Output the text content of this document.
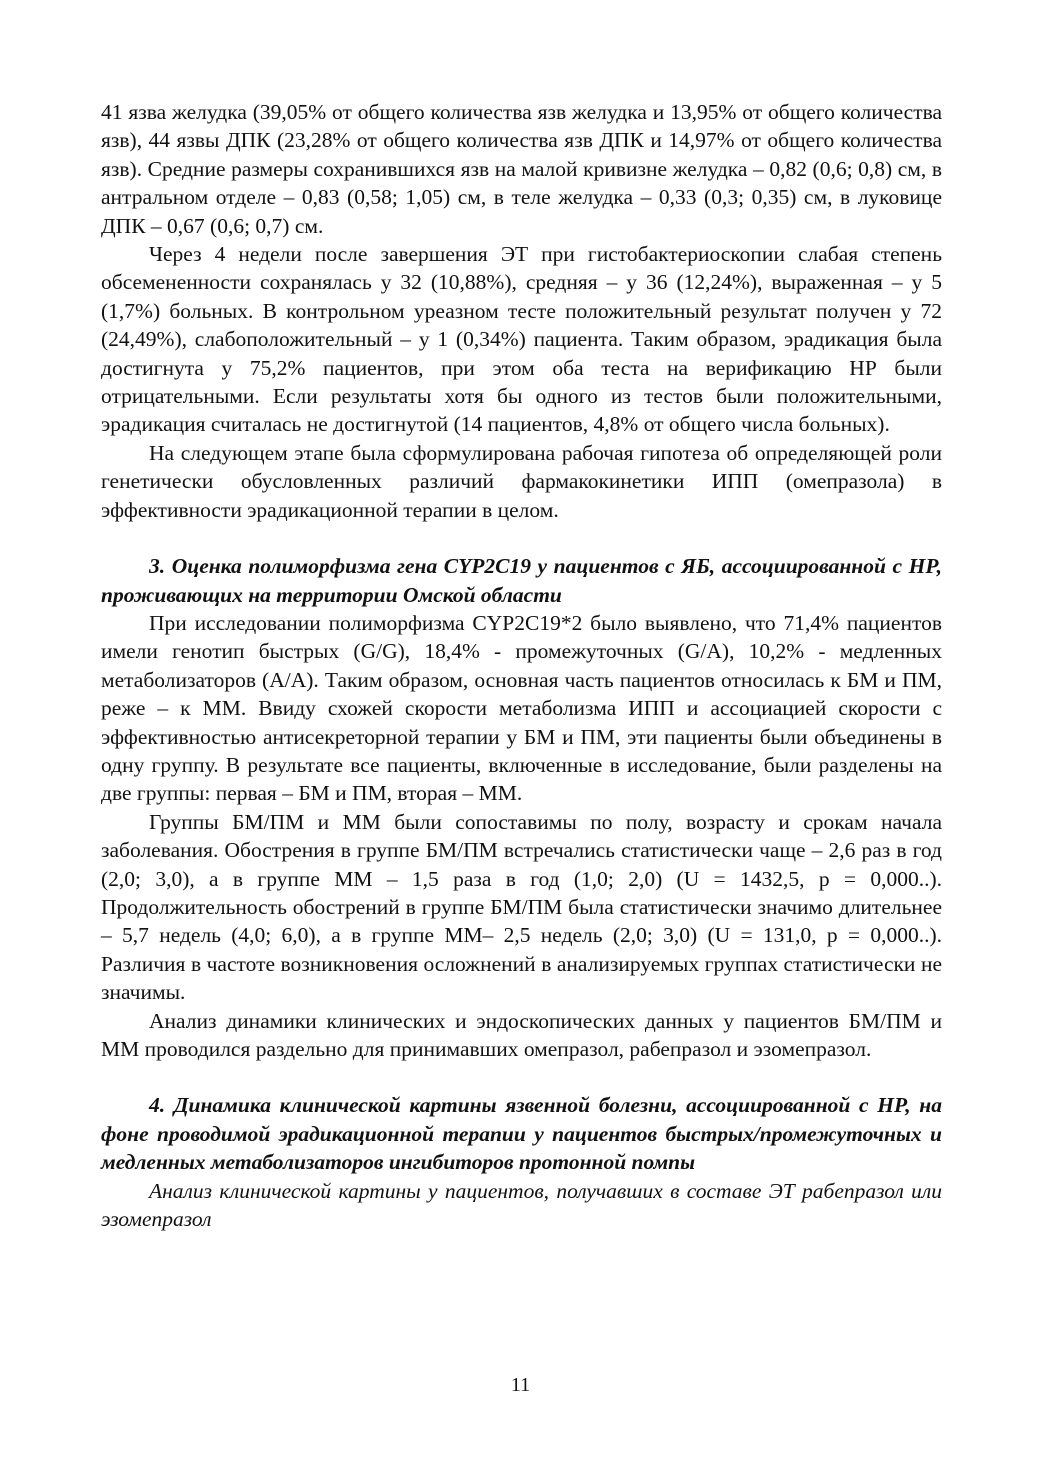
41 язва желудка (39,05% от общего количества язв желудка и 13,95% от общего количества язв), 44 язвы ДПК (23,28% от общего количества язв ДПК и 14,97% от общего количества язв). Средние размеры сохранившихся язв на малой кривизне желудка – 0,82 (0,6; 0,8) см, в антральном отделе – 0,83 (0,58; 1,05) см, в теле желудка – 0,33 (0,3; 0,35) см, в луковице ДПК – 0,67 (0,6; 0,7) см.

Через 4 недели после завершения ЭТ при гистобактериоскопии слабая степень обсемененности сохранялась у 32 (10,88%), средняя – у 36 (12,24%), выраженная – у 5 (1,7%) больных. В контрольном уреазном тесте положительный результат получен у 72 (24,49%), слабоположительный – у 1 (0,34%) пациента. Таким образом, эрадикация была достигнута у 75,2% пациентов, при этом оба теста на верификацию НР были отрицательными. Если результаты хотя бы одного из тестов были положительными, эрадикация считалась не достигнутой (14 пациентов, 4,8% от общего числа больных).

На следующем этапе была сформулирована рабочая гипотеза об определяющей роли генетически обусловленных различий фармакокинетики ИПП (омепразола) в эффективности эрадикационной терапии в целом.

3. Оценка полиморфизма гена CYP2C19 у пациентов с ЯБ, ассоциированной с НР, проживающих на территории Омской области

При исследовании полиморфизма CYP2C19*2 было выявлено, что 71,4% пациентов имели генотип быстрых (G/G), 18,4% - промежуточных (G/A), 10,2% - медленных метаболизаторов (A/A). Таким образом, основная часть пациентов относилась к БМ и ПМ, реже – к ММ. Ввиду схожей скорости метаболизма ИПП и ассоциацией скорости с эффективностью антисекреторной терапии у БМ и ПМ, эти пациенты были объединены в одну группу. В результате все пациенты, включенные в исследование, были разделены на две группы: первая – БМ и ПМ, вторая – ММ.

Группы БМ/ПМ и ММ были сопоставимы по полу, возрасту и срокам начала заболевания. Обострения в группе БМ/ПМ встречались статистически чаще – 2,6 раз в год (2,0; 3,0), а в группе ММ – 1,5 раза в год (1,0; 2,0) (U = 1432,5, p = 0,000..). Продолжительность обострений в группе БМ/ПМ была статистически значимо длительнее – 5,7 недель (4,0; 6,0), а в группе ММ– 2,5 недель (2,0; 3,0) (U = 131,0, p = 0,000..). Различия в частоте возникновения осложнений в анализируемых группах статистически не значимы.

Анализ динамики клинических и эндоскопических данных у пациентов БМ/ПМ и ММ проводился раздельно для принимавших омепразол, рабепразол и эзомепразол.

4. Динамика клинической картины язвенной болезни, ассоциированной с НР, на фоне проводимой эрадикационной терапии у пациентов быстрых/промежуточных и медленных метаболизаторов ингибиторов протонной помпы

Анализ клинической картины у пациентов, получавших в составе ЭТ рабепразол или эзомепразол

11
